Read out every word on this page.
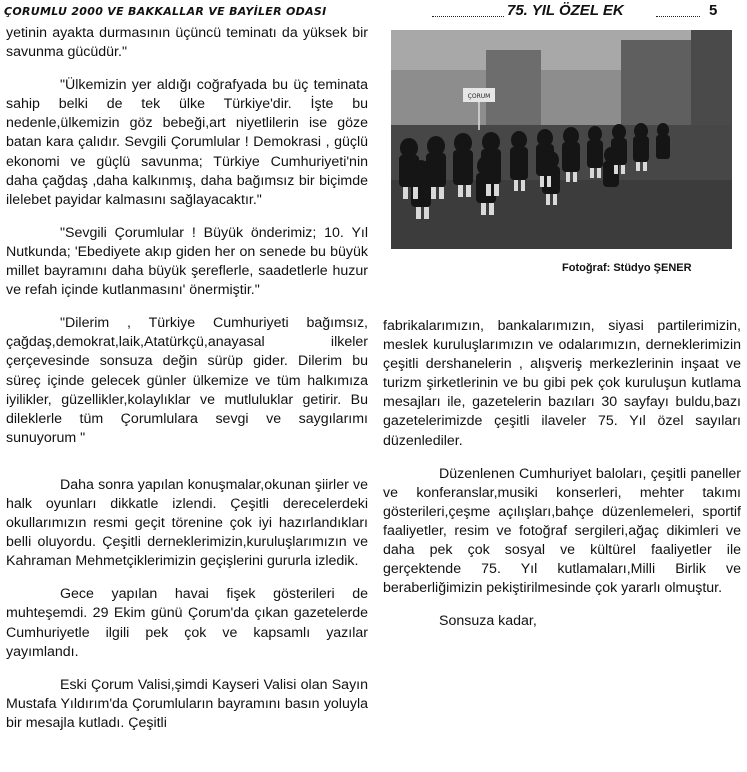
ÇORUMLU 2000 VE BAKKALLAR VE BAYİLER ODASI	75. YIL ÖZEL EK	5

yetinin ayakta durmasının üçüncü teminatı da yüksek bir savunma gücüdür."

"Ülkemizin yer aldığı coğrafyada bu üç teminata sahip belki de tek ülke Türkiye'dir. İşte bu nedenle,ülkemizin göz bebeği,art niyetlilerin ise göze batan kara çalıdır. Sevgili Çorumlular ! Demokrasi , güçlü ekonomi ve güçlü savunma; Türkiye Cumhuriyeti'nin daha çağdaş ,daha kalkınmış, daha bağımsız bir biçimde ilelebet payidar kalmasını sağlayacaktır."

"Sevgili Çorumlular ! Büyük önderimiz; 10. Yıl Nutkunda; 'Ebediyete akıp giden her on senede bu büyük millet bayramını daha büyük şereflerle, saadetlerle huzur ve refah içinde kutlanmasını' önermiştir."

"Dilerim , Türkiye Cumhuriyeti bağımsız, çağdaş,demokrat,laik,Atatürkçü,anayasal ilkeler çerçevesinde sonsuza değin sürüp gider. Dilerim bu süreç içinde gelecek günler ülkemize ve tüm halkımıza iyilikler, güzellikler,kolaylıklar ve mutluluklar getirir. Bu dileklerle tüm Çorumlulara sevgi ve saygılarımı sunuyorum "

Daha sonra yapılan konuşmalar,okunan şiirler ve halk oyunları dikkatle izlendi. Çeşitli derecelerdeki okullarımızın resmi geçit törenine çok iyi hazırlandıkları belli oluyordu. Çeşitli derneklerimizin,kuruluşlarımızın ve Kahraman Mehmetçiklerimizin geçişlerini gururla izledik.

Gece yapılan havai fişek gösterileri de muhteşemdi. 29 Ekim günü Çorum'da çıkan gazetelerde Cumhuriyetle ilgili pek çok ve kapsamlı yazılar yayımlandı.

Eski Çorum Valisi,şimdi Kayseri Valisi olan Sayın Mustafa Yıldırım'da Çorumluların bayramını basın yoluyla bir mesajla kutladı. Çeşitli

ÇORUM
Fotoğraf: Stüdyo ŞENER

fabrikalarımızın, bankalarımızın, siyasi partilerimizin, meslek kuruluşlarımızın ve odalarımızın, derneklerimizin çeşitli dershanelerin , alışveriş merkezlerinin inşaat ve turizm şirketlerinin ve bu gibi pek çok kuruluşun kutlama mesajları ile, gazetelerin bazıları 30 sayfayı buldu,bazı gazetelerimizde çeşitli ilaveler 75. Yıl özel sayıları düzenlediler.

Düzenlenen Cumhuriyet baloları, çeşitli paneller ve konferanslar,musiki konserleri, mehter takımı gösterileri,çeşme açılışları,bahçe düzenlemeleri, sportif faaliyetler, resim ve fotoğraf sergileri,ağaç dikimleri ve daha pek çok sosyal ve kültürel faaliyetler ile gerçektende 75. Yıl kutlamaları,Milli Birlik ve beraberliğimizin pekiştirilmesinde çok yararlı olmuştur.

Sonsuza kadar,
